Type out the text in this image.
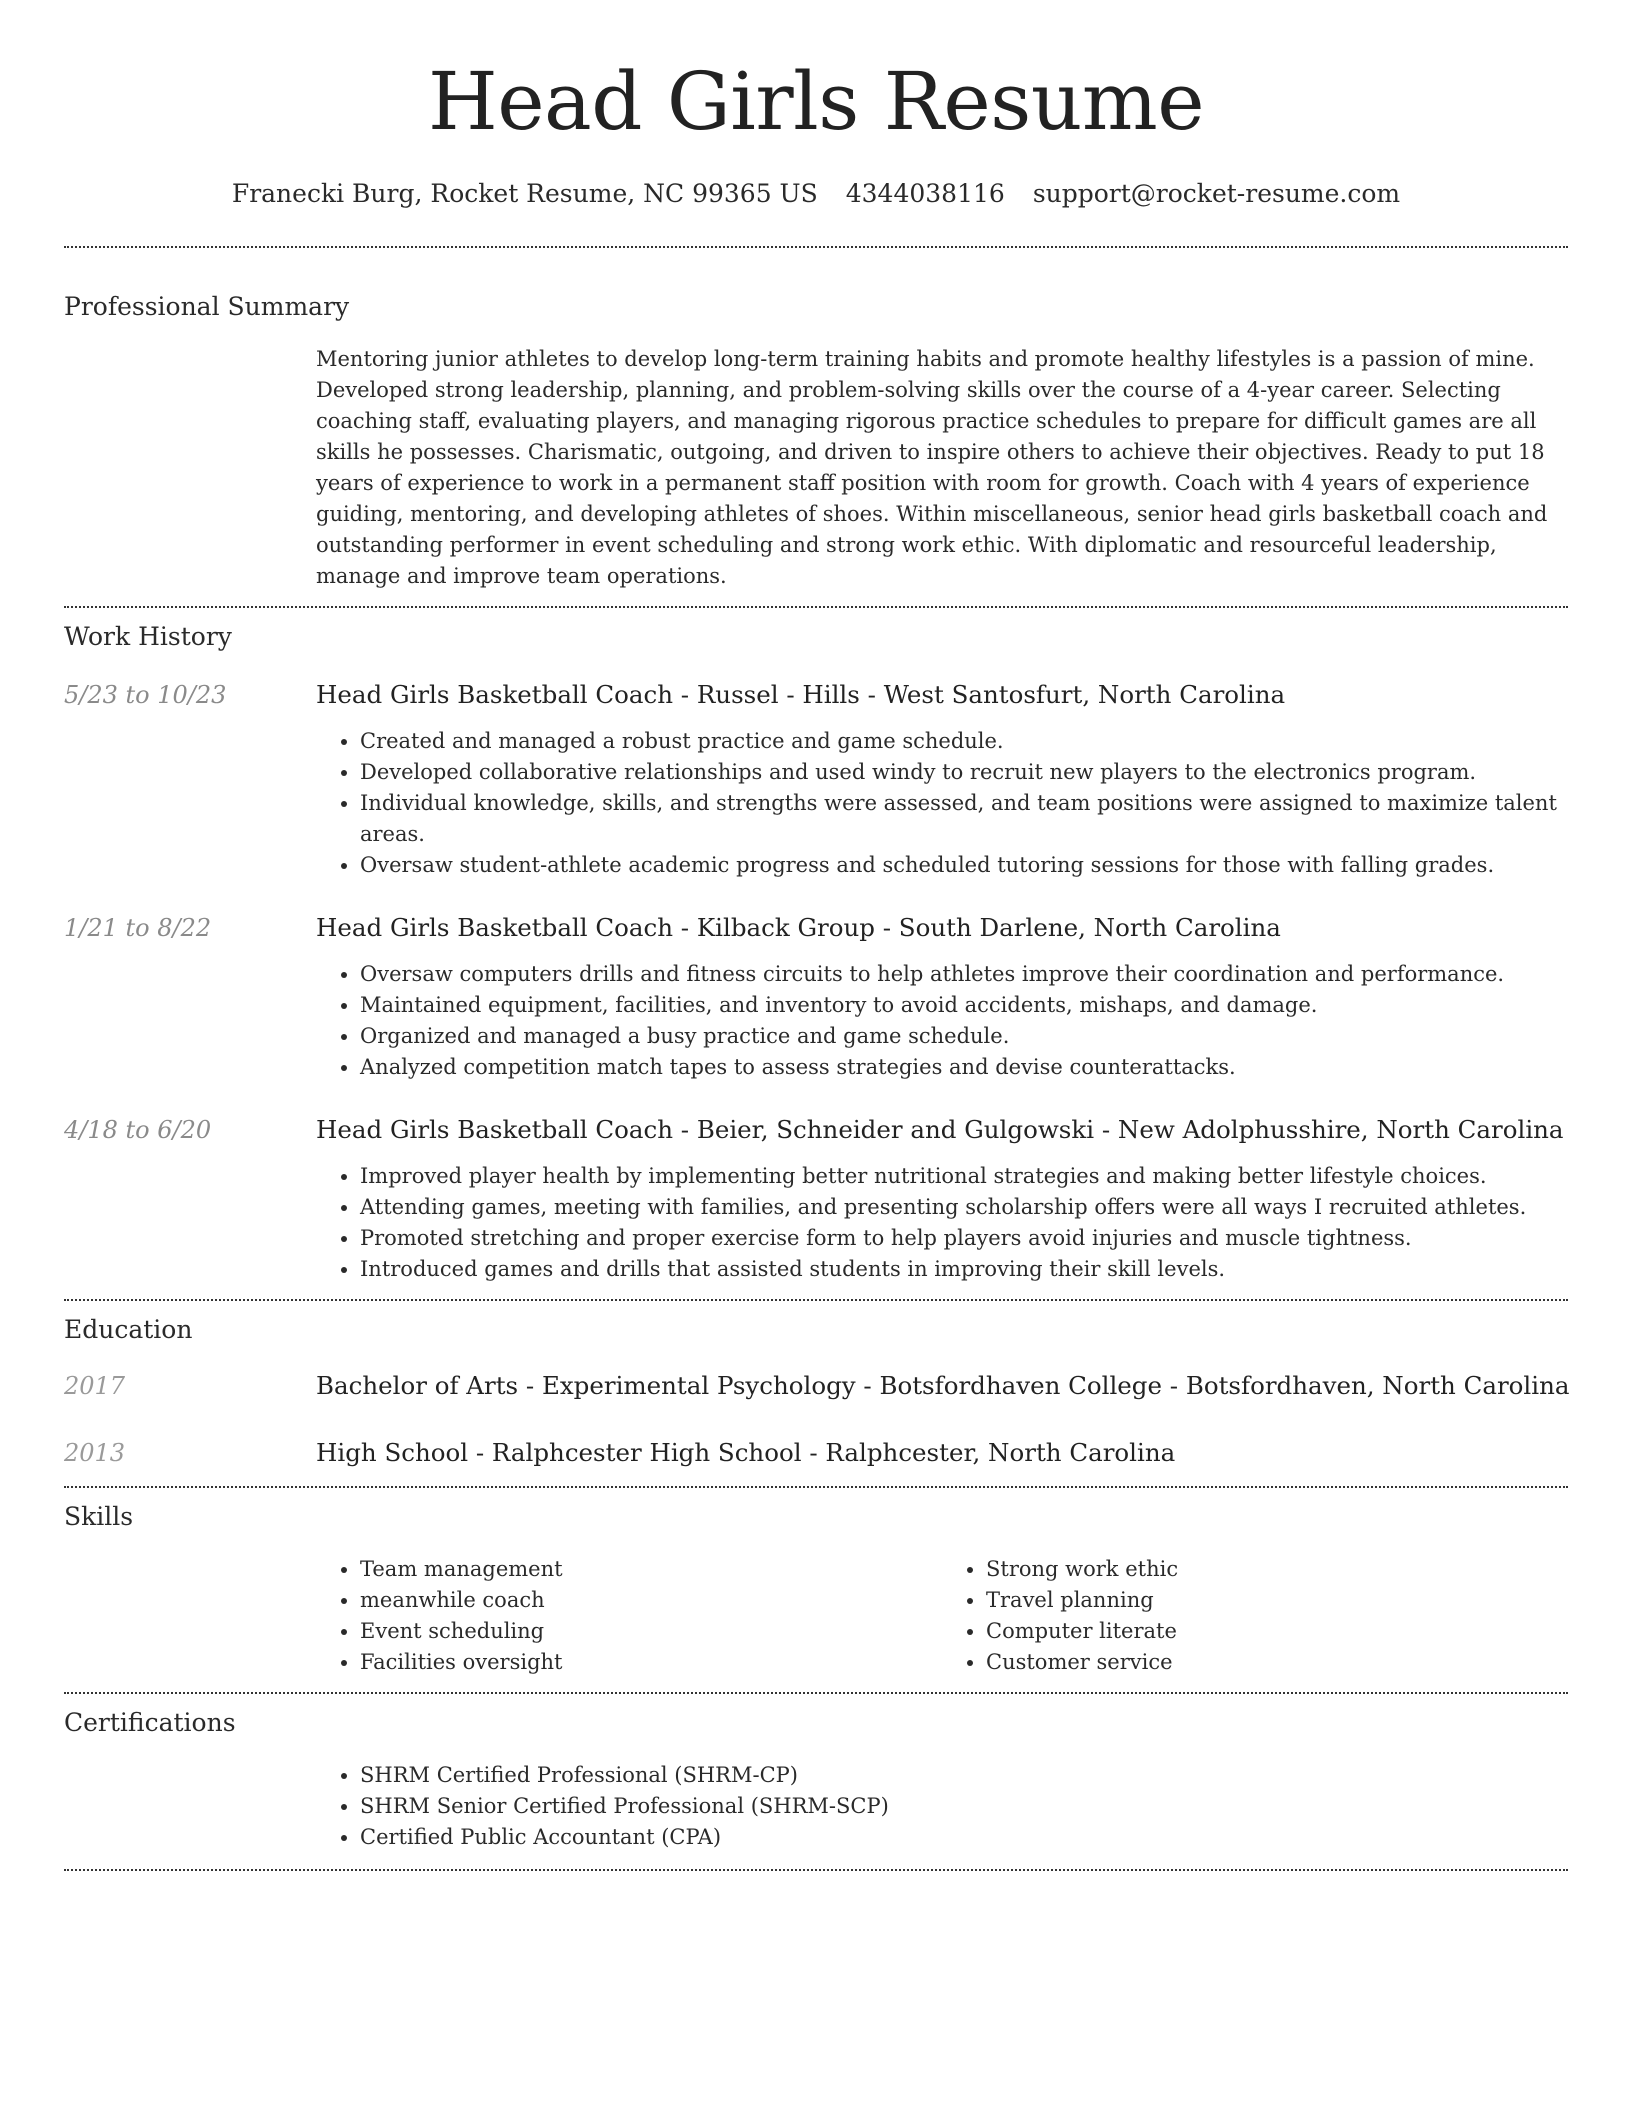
Head Girls Resume
Franecki Burg, Rocket Resume, NC 99365 US 4344038116 support@rocket-resume.com
Professional Summary
Mentoring junior athletes to develop long-term training habits and promote healthy lifestyles is a passion of mine. Developed strong leadership, planning, and problem-solving skills over the course of a 4-year career. Selecting coaching staff, evaluating players, and managing rigorous practice schedules to prepare for difficult games are all skills he possesses. Charismatic, outgoing, and driven to inspire others to achieve their objectives. Ready to put 18 years of experience to work in a permanent staff position with room for growth. Coach with 4 years of experience guiding, mentoring, and developing athletes of shoes. Within miscellaneous, senior head girls basketball coach and outstanding performer in event scheduling and strong work ethic. With diplomatic and resourceful leadership, manage and improve team operations.
Work History
5/23 to 10/23	Head Girls Basketball Coach - Russel - Hills - West Santosfurt, North Carolina
• Created and managed a robust practice and game schedule.
• Developed collaborative relationships and used windy to recruit new players to the electronics program.
• Individual knowledge, skills, and strengths were assessed, and team positions were assigned to maximize talent areas.
• Oversaw student-athlete academic progress and scheduled tutoring sessions for those with falling grades.
1/21 to 8/22	Head Girls Basketball Coach - Kilback Group - South Darlene, North Carolina
• Oversaw computers drills and fitness circuits to help athletes improve their coordination and performance.
• Maintained equipment, facilities, and inventory to avoid accidents, mishaps, and damage.
• Organized and managed a busy practice and game schedule.
• Analyzed competition match tapes to assess strategies and devise counterattacks.
4/18 to 6/20	Head Girls Basketball Coach - Beier, Schneider and Gulgowski - New Adolphusshire, North Carolina
• Improved player health by implementing better nutritional strategies and making better lifestyle choices.
• Attending games, meeting with families, and presenting scholarship offers were all ways I recruited athletes.
• Promoted stretching and proper exercise form to help players avoid injuries and muscle tightness.
• Introduced games and drills that assisted students in improving their skill levels.
Education
2017	Bachelor of Arts - Experimental Psychology - Botsfordhaven College - Botsfordhaven, North Carolina
2013	High School - Ralphcester High School - Ralphcester, North Carolina
Skills
• Team management
• meanwhile coach
• Event scheduling
• Facilities oversight
• Strong work ethic
• Travel planning
• Computer literate
• Customer service
Certifications
• SHRM Certified Professional (SHRM-CP)
• SHRM Senior Certified Professional (SHRM-SCP)
• Certified Public Accountant (CPA)
